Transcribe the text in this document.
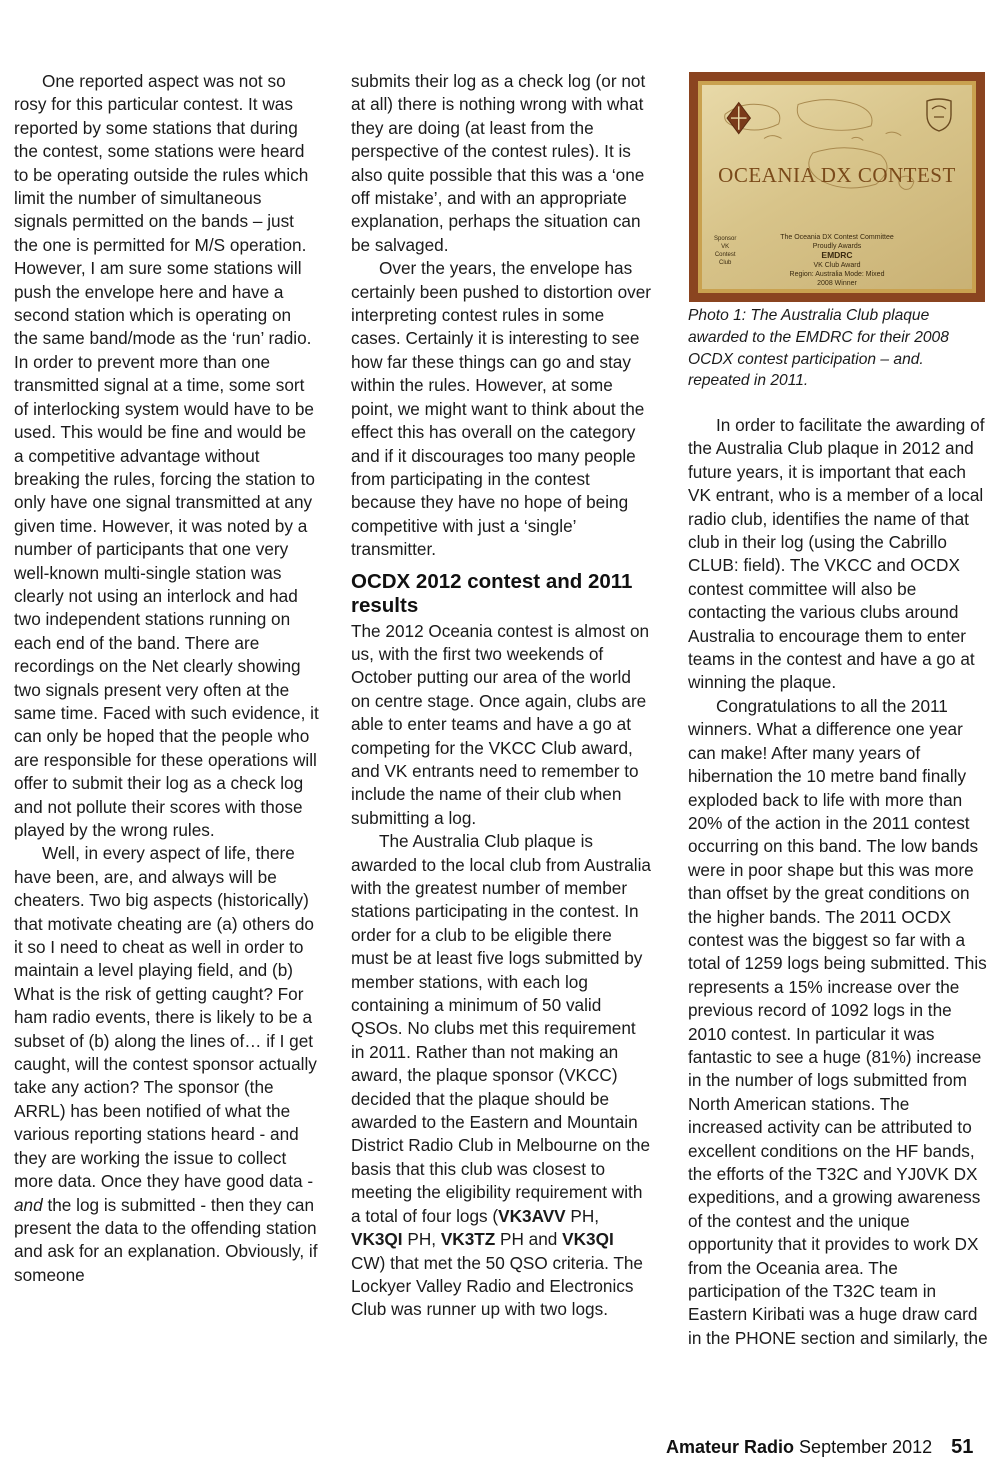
One reported aspect was not so rosy for this particular contest. It was reported by some stations that during the contest, some stations were heard to be operating outside the rules which limit the number of simultaneous signals permitted on the bands – just the one is permitted for M/S operation. However, I am sure some stations will push the envelope here and have a second station which is operating on the same band/mode as the ‘run’ radio. In order to prevent more than one transmitted signal at a time, some sort of interlocking system would have to be used. This would be fine and would be a competitive advantage without breaking the rules, forcing the station to only have one signal transmitted at any given time. However, it was noted by a number of participants that one very well-known multi-single station was clearly not using an interlock and had two independent stations running on each end of the band. There are recordings on the Net clearly showing two signals present very often at the same time. Faced with such evidence, it can only be hoped that the people who are responsible for these operations will offer to submit their log as a check log and not pollute their scores with those played by the wrong rules.

Well, in every aspect of life, there have been, are, and always will be cheaters. Two big aspects (historically) that motivate cheating are (a) others do it so I need to cheat as well in order to maintain a level playing field, and (b) What is the risk of getting caught? For ham radio events, there is likely to be a subset of (b) along the lines of… if I get caught, will the contest sponsor actually take any action? The sponsor (the ARRL) has been notified of what the various reporting stations heard - and they are working the issue to collect more data. Once they have good data - and the log is submitted - then they can present the data to the offending station and ask for an explanation. Obviously, if someone

submits their log as a check log (or not at all) there is nothing wrong with what they are doing (at least from the perspective of the contest rules). It is also quite possible that this was a ‘one off mistake’, and with an appropriate explanation, perhaps the situation can be salvaged.

Over the years, the envelope has certainly been pushed to distortion over interpreting contest rules in some cases. Certainly it is interesting to see how far these things can go and stay within the rules. However, at some point, we might want to think about the effect this has overall on the category and if it discourages too many people from participating in the contest because they have no hope of being competitive with just a ‘single’ transmitter.

OCDX 2012 contest and 2011 results

The 2012 Oceania contest is almost on us, with the first two weekends of October putting our area of the world on centre stage. Once again, clubs are able to enter teams and have a go at competing for the VKCC Club award, and VK entrants need to remember to include the name of their club when submitting a log.

The Australia Club plaque is awarded to the local club from Australia with the greatest number of member stations participating in the contest. In order for a club to be eligible there must be at least five logs submitted by member stations, with each log containing a minimum of 50 valid QSOs. No clubs met this requirement in 2011. Rather than not making an award, the plaque sponsor (VKCC) decided that the plaque should be awarded to the Eastern and Mountain District Radio Club in Melbourne on the basis that this club was closest to meeting the eligibility requirement with a total of four logs (VK3AVV PH, VK3QI PH, VK3TZ PH and VK3QI CW) that met the 50 QSO criteria. The Lockyer Valley Radio and Electronics Club was runner up with two logs.

OCEANIA DX CONTEST
Sponsor
VK
Contest
Club
The Oceania DX Contest Committee
Proudly Awards
EMDRC
VK Club Award
Region: Australia Mode: Mixed
2008 Winner
Photo 1: The Australia Club plaque awarded to the EMDRC for their 2008 OCDX contest participation – and. repeated in 2011.

In order to facilitate the awarding of the Australia Club plaque in 2012 and future years, it is important that each VK entrant, who is a member of a local radio club, identifies the name of that club in their log (using the Cabrillo CLUB: field). The VKCC and OCDX contest committee will also be contacting the various clubs around Australia to encourage them to enter teams in the contest and have a go at winning the plaque.

Congratulations to all the 2011 winners. What a difference one year can make! After many years of hibernation the 10 metre band finally exploded back to life with more than 20% of the action in the 2011 contest occurring on this band. The low bands were in poor shape but this was more than offset by the great conditions on the higher bands. The 2011 OCDX contest was the biggest so far with a total of 1259 logs being submitted. This represents a 15% increase over the previous record of 1092 logs in the 2010 contest. In particular it was fantastic to see a huge (81%) increase in the number of logs submitted from North American stations. The increased activity can be attributed to excellent conditions on the HF bands, the efforts of the T32C and YJ0VK DX expeditions, and a growing awareness of the contest and the unique opportunity that it provides to work DX from the Oceania area. The participation of the T32C team in Eastern Kiribati was a huge draw card in the PHONE section and similarly, the

Amateur Radio September 2012 51
